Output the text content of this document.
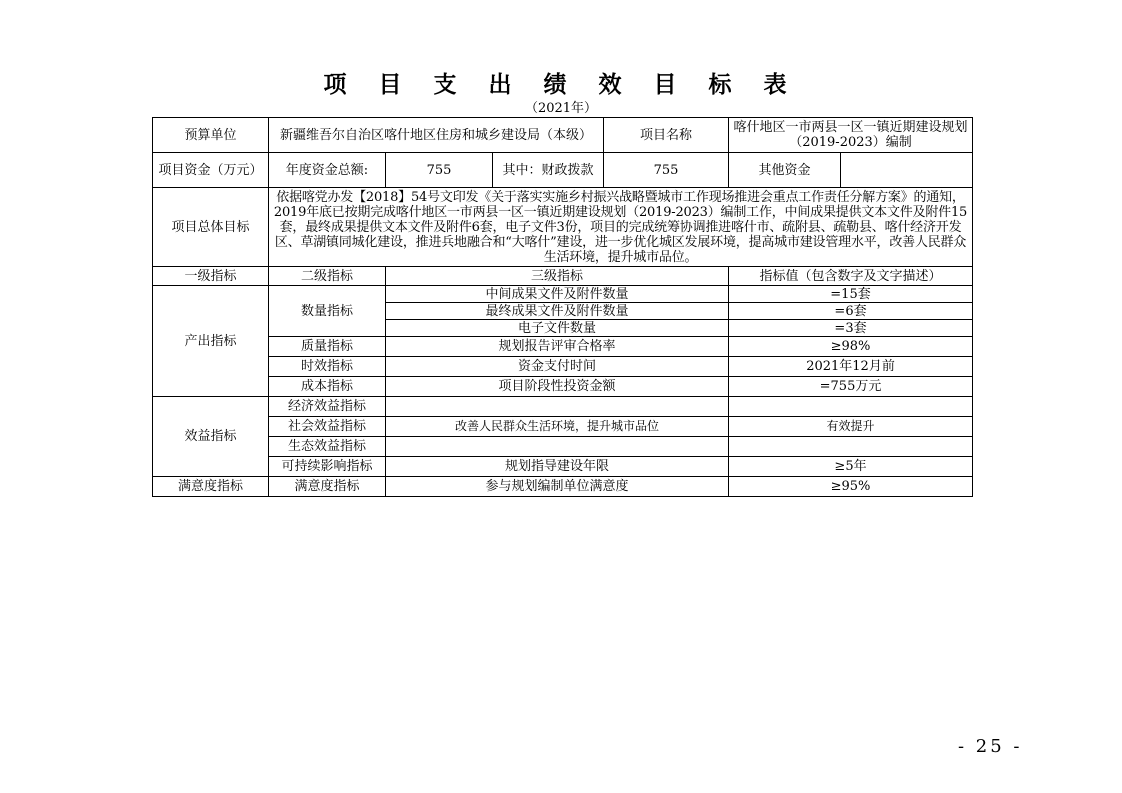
项 目 支 出 绩 效 目 标 表
（2021年）
预算单位	新疆维吾尔自治区喀什地区住房和城乡建设局（本级）			项目名称	喀什地区一市两县一区一镇近期建设规划（2019-2023）编制	
项目资金（万元）	年度资金总额:	755	其中：财政拨款	755	其他资金	
项目总体目标	依据喀党办发【2018】54号文印发《关于落实实施乡村振兴战略暨城市工作现场推进会重点工作责任分解方案》的通知，2019年底已按期完成喀什地区一市两县一区一镇近期建设规划（2019-2023）编制工作，中间成果提供文本文件及附件15套，最终成果提供文本文件及附件6套，电子文件3份，项目的完成统筹协调推进喀什市、疏附县、疏勒县、喀什经济开发区、草湖镇同城化建设，推进兵地融合和“大喀什”建设，进一步优化城区发展环境，提高城市建设管理水平，改善人民群众生活环境，提升城市品位。					
一级指标	二级指标	三级指标			指标值（包含数字及文字描述）	
产出指标	数量指标	中间成果文件及附件数量			=15套	
		最终成果文件及附件数量			=6套	
		电子文件数量			=3套	
	质量指标	规划报告评审合格率			≥98%	
	时效指标	资金支付时间			2021年12月前	
	成本指标	项目阶段性投资金额			=755万元	
效益指标	经济效益指标					
	社会效益指标	改善人民群众生活环境，提升城市品位			有效提升	
	生态效益指标					
	可持续影响指标	规划指导建设年限			≥5年	
满意度指标	满意度指标	参与规划编制单位满意度			≥95%	
- 25 -
